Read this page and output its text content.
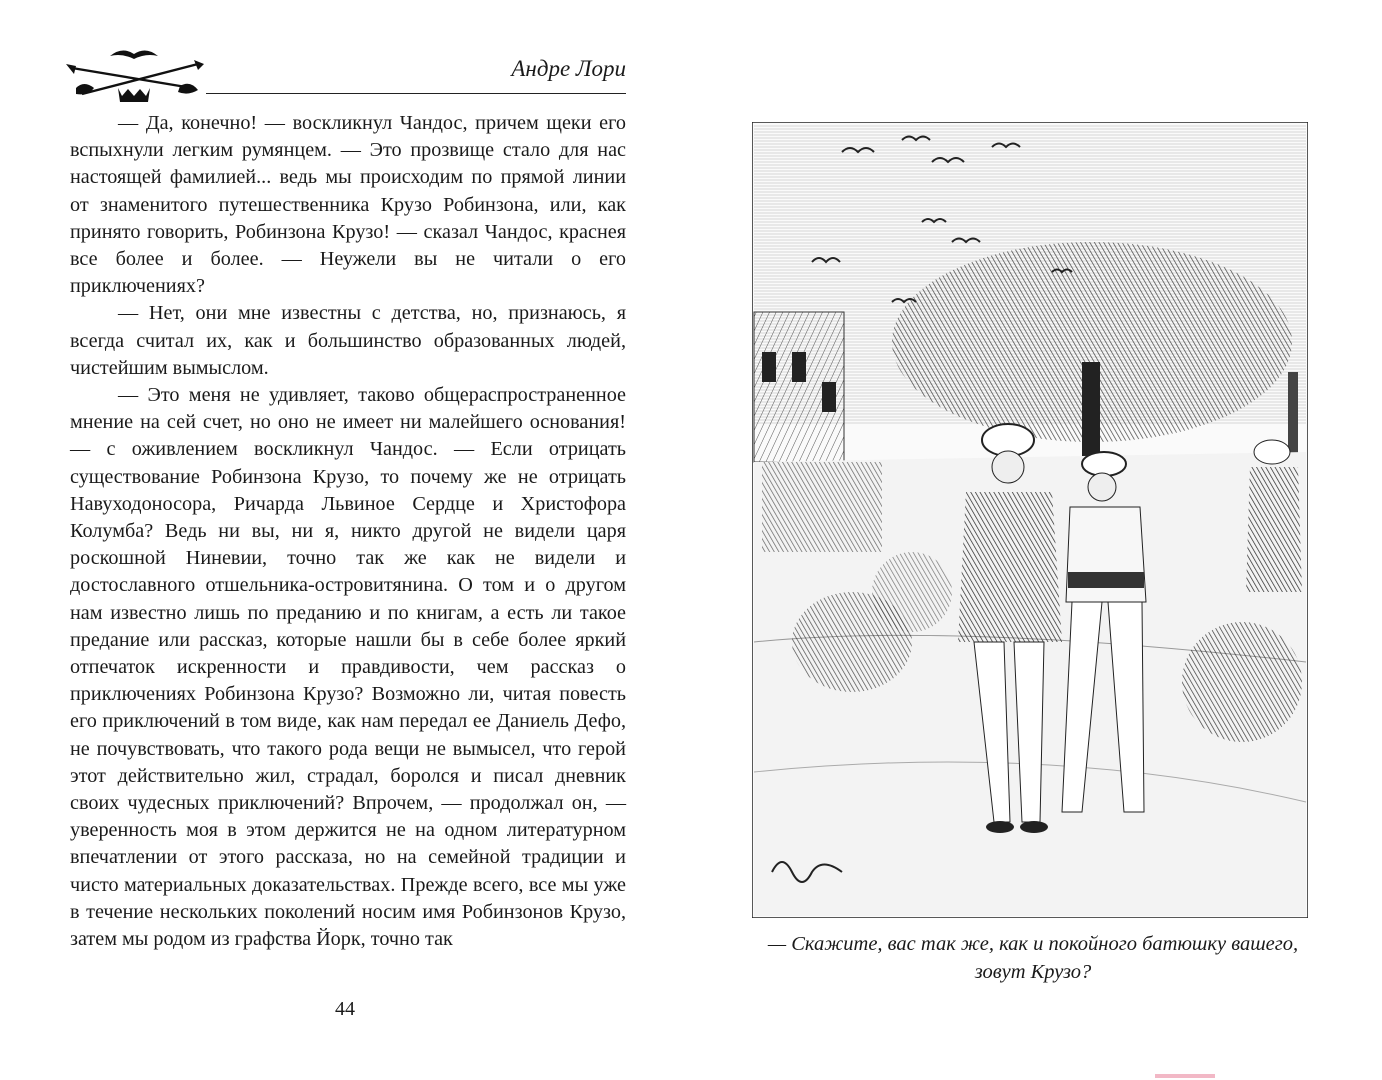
Андре Лори

— Да, конечно! — воскликнул Чандос, причем щеки его вспыхнули легким румянцем. — Это прозвище стало для нас настоящей фамилией... ведь мы происходим по прямой линии от знаменитого путешественника Крузо Робинзона, или, как принято говорить, Робинзона Крузо! — сказал Чандос, краснея все более и более. — Неужели вы не читали о его приключениях?

— Нет, они мне известны с детства, но, признаюсь, я всегда считал их, как и большинство образованных людей, чистейшим вымыслом.

— Это меня не удивляет, таково общераспространенное мнение на сей счет, но оно не имеет ни малейшего основания! — с оживлением воскликнул Чандос. — Если отрицать существование Робинзона Крузо, то почему же не отрицать Навуходоносора, Ричарда Львиное Сердце и Христофора Колумба? Ведь ни вы, ни я, никто другой не видели царя роскошной Ниневии, точно так же как не видели и достославного отшельника-островитянина. О том и о другом нам известно лишь по преданию и по книгам, а есть ли такое предание или рассказ, которые нашли бы в себе более яркий отпечаток искренности и правдивости, чем рассказ о приключениях Робинзона Крузо? Возможно ли, читая повесть его приключений в том виде, как нам передал ее Даниель Дефо, не почувствовать, что такого рода вещи не вымысел, что герой этот действительно жил, страдал, боролся и писал дневник своих чудесных приключений? Впрочем, — продолжал он, — уверенность моя в этом держится не на одном литературном впечатлении от этого рассказа, но на семейной традиции и чисто материальных доказательствах. Прежде всего, все мы уже в течение нескольких поколений носим имя Робинзонов Крузо, затем мы родом из графства Йорк, точно так

44
— Скажите, вас так же, как и покойного батюшку вашего,
зовут Крузо?
